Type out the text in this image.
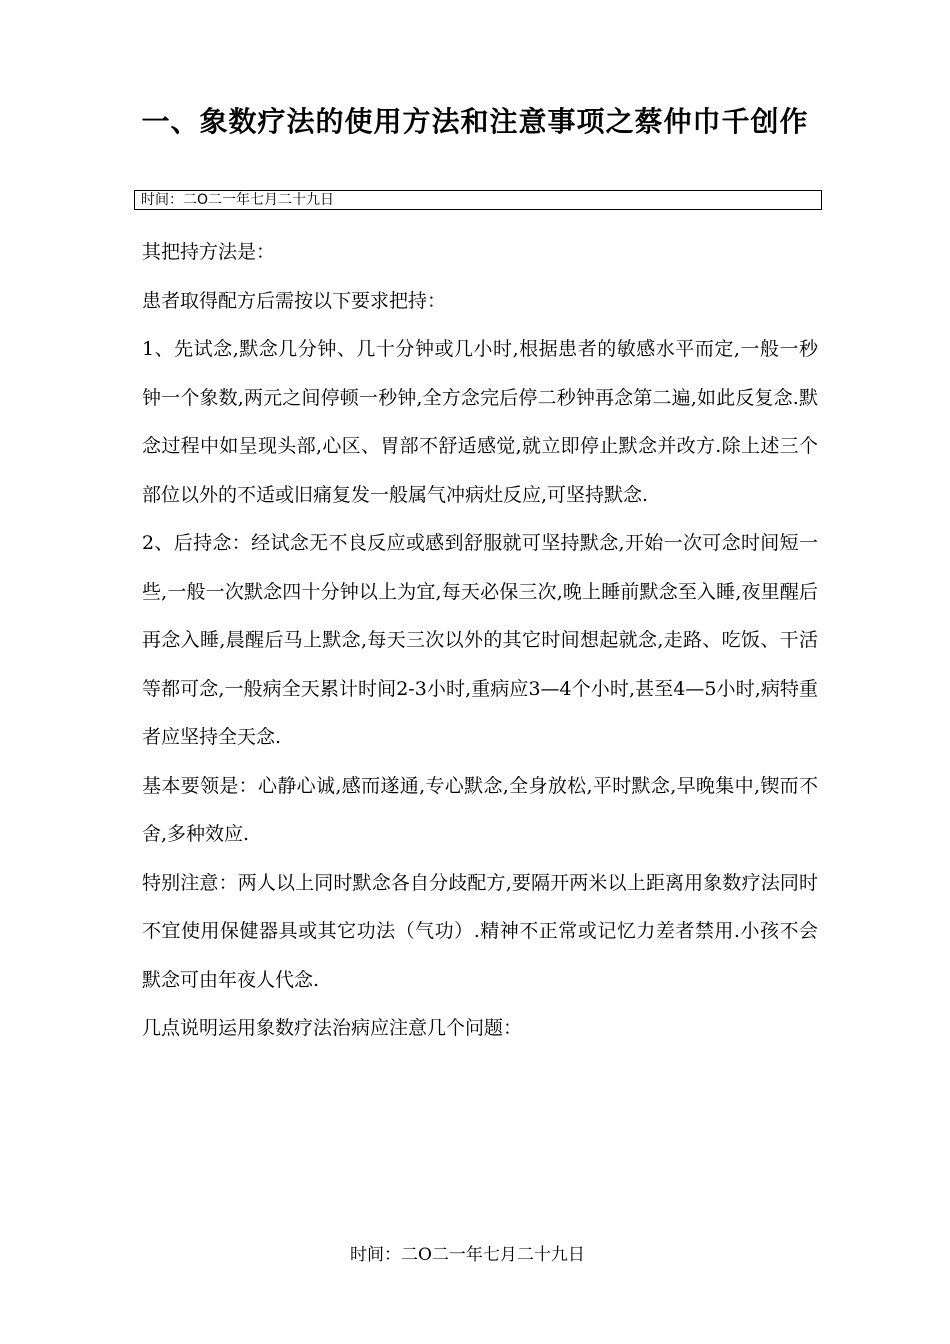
一、象数疗法的使用方法和注意事项之蔡仲巾千创作
时间：二O二一年七月二十九日

其把持方法是：

患者取得配方后需按以下要求把持：

1、先试念,默念几分钟、几十分钟或几小时,根据患者的敏感水平而定,一般一秒钟一个象数,两元之间停顿一秒钟,全方念完后停二秒钟再念第二遍,如此反复念.默念过程中如呈现头部,心区、胃部不舒适感觉,就立即停止默念并改方.除上述三个部位以外的不适或旧痛复发一般属气冲病灶反应,可坚持默念.

2、后持念：经试念无不良反应或感到舒服就可坚持默念,开始一次可念时间短一些,一般一次默念四十分钟以上为宜,每天必保三次,晚上睡前默念至入睡,夜里醒后再念入睡,晨醒后马上默念,每天三次以外的其它时间想起就念,走路、吃饭、干活等都可念,一般病全天累计时间2-3小时,重病应3—4个小时,甚至4—5小时,病特重者应坚持全天念.

基本要领是：心静心诚,感而遂通,专心默念,全身放松,平时默念,早晚集中,锲而不舍,多种效应.

特别注意：两人以上同时默念各自分歧配方,要隔开两米以上距离用象数疗法同时不宜使用保健器具或其它功法（气功）.精神不正常或记忆力差者禁用.小孩不会默念可由年夜人代念.

几点说明运用象数疗法治病应注意几个问题：

时间：二O二一年七月二十九日
